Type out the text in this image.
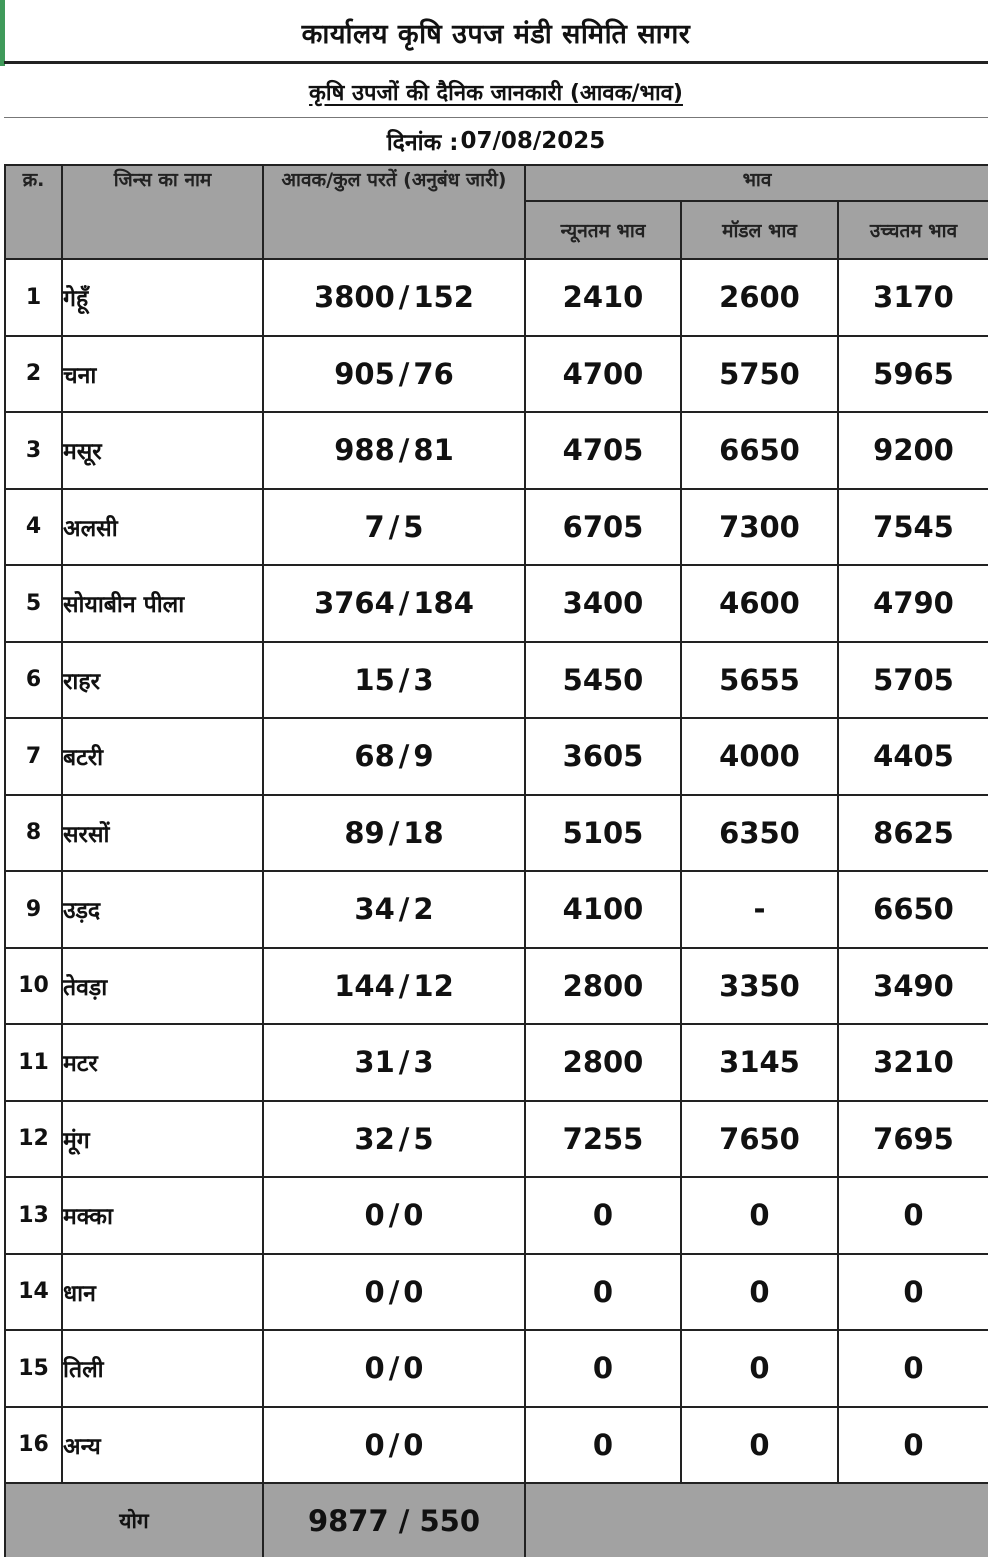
कार्यालय कृषि उपज मंडी समिति सागर
कृषि उपजों की दैनिक जानकारी (आवक/भाव)
दिनांक : 07/08/2025
क्र.	जिन्स का नाम	आवक/कुल परतें (अनुबंध जारी)	भाव		
			न्यूनतम भाव	मॉडल भाव	उच्चतम भाव
1	गेहूँ	3800 / 152	2410	2600	3170
2	चना	905 / 76	4700	5750	5965
3	मसूर	988 / 81	4705	6650	9200
4	अलसी	7 / 5	6705	7300	7545
5	सोयाबीन पीला	3764 / 184	3400	4600	4790
6	राहर	15 / 3	5450	5655	5705
7	बटरी	68 / 9	3605	4000	4405
8	सरसों	89 / 18	5105	6350	8625
9	उड़द	34 / 2	4100	-	6650
10	तेवड़ा	144 / 12	2800	3350	3490
11	मटर	31 / 3	2800	3145	3210
12	मूंग	32 / 5	7255	7650	7695
13	मक्का	0 / 0	0	0	0
14	धान	0 / 0	0	0	0
15	तिली	0 / 0	0	0	0
16	अन्य	0 / 0	0	0	0
योग		9877 / 550			
